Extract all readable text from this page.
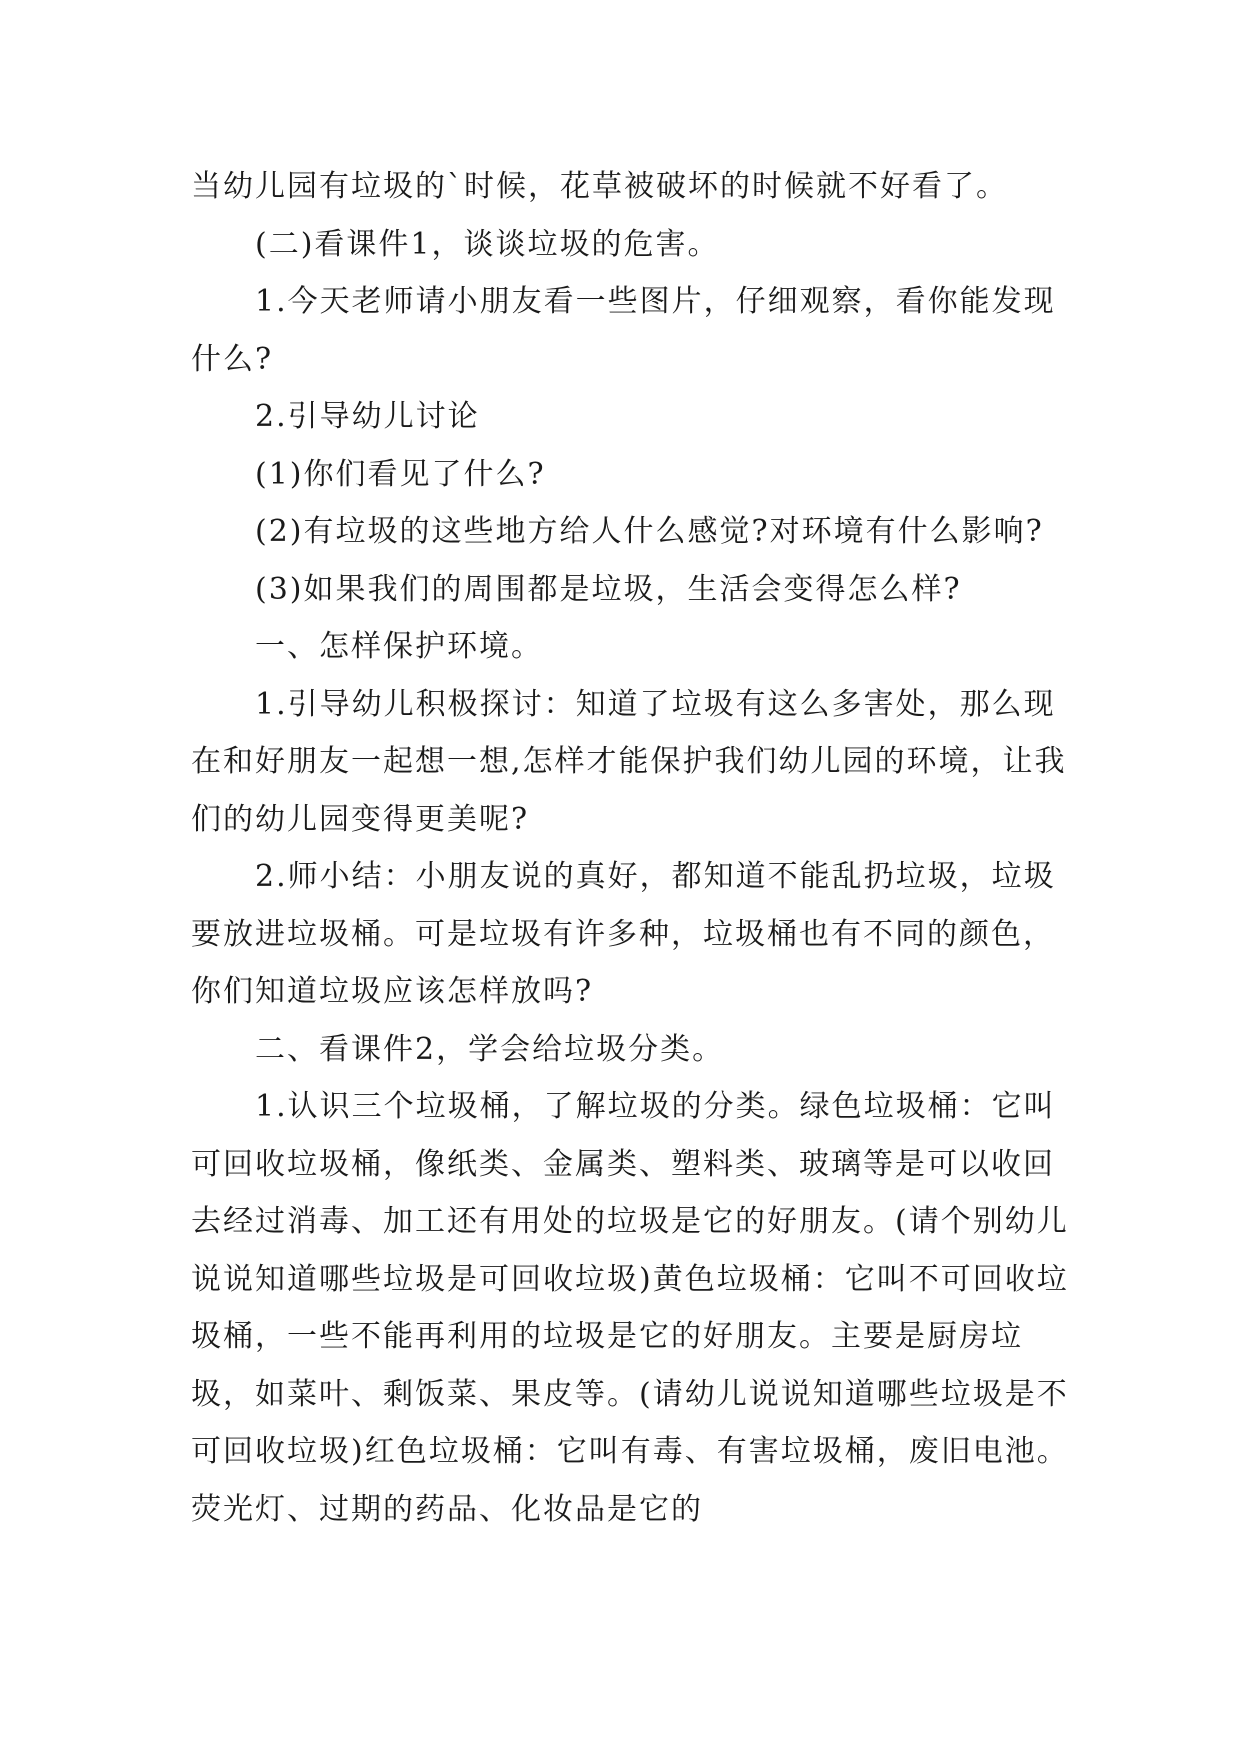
当幼儿园有垃圾的`时候，花草被破坏的时候就不好看了。

(二)看课件1，谈谈垃圾的危害。

1.今天老师请小朋友看一些图片，仔细观察，看你能发现什么?

2.引导幼儿讨论

(1)你们看见了什么?

(2)有垃圾的这些地方给人什么感觉?对环境有什么影响?

(3)如果我们的周围都是垃圾，生活会变得怎么样?

一、怎样保护环境。

1.引导幼儿积极探讨：知道了垃圾有这么多害处，那么现在和好朋友一起想一想,怎样才能保护我们幼儿园的环境，让我们的幼儿园变得更美呢?

2.师小结：小朋友说的真好，都知道不能乱扔垃圾，垃圾要放进垃圾桶。可是垃圾有许多种，垃圾桶也有不同的颜色，你们知道垃圾应该怎样放吗?

二、看课件2，学会给垃圾分类。

1.认识三个垃圾桶，了解垃圾的分类。绿色垃圾桶：它叫可回收垃圾桶，像纸类、金属类、塑料类、玻璃等是可以收回去经过消毒、加工还有用处的垃圾是它的好朋友。(请个别幼儿说说知道哪些垃圾是可回收垃圾)黄色垃圾桶：它叫不可回收垃圾桶，一些不能再利用的垃圾是它的好朋友。主要是厨房垃圾，如菜叶、剩饭菜、果皮等。(请幼儿说说知道哪些垃圾是不可回收垃圾)红色垃圾桶：它叫有毒、有害垃圾桶，废旧电池。荧光灯、过期的药品、化妆品是它的
